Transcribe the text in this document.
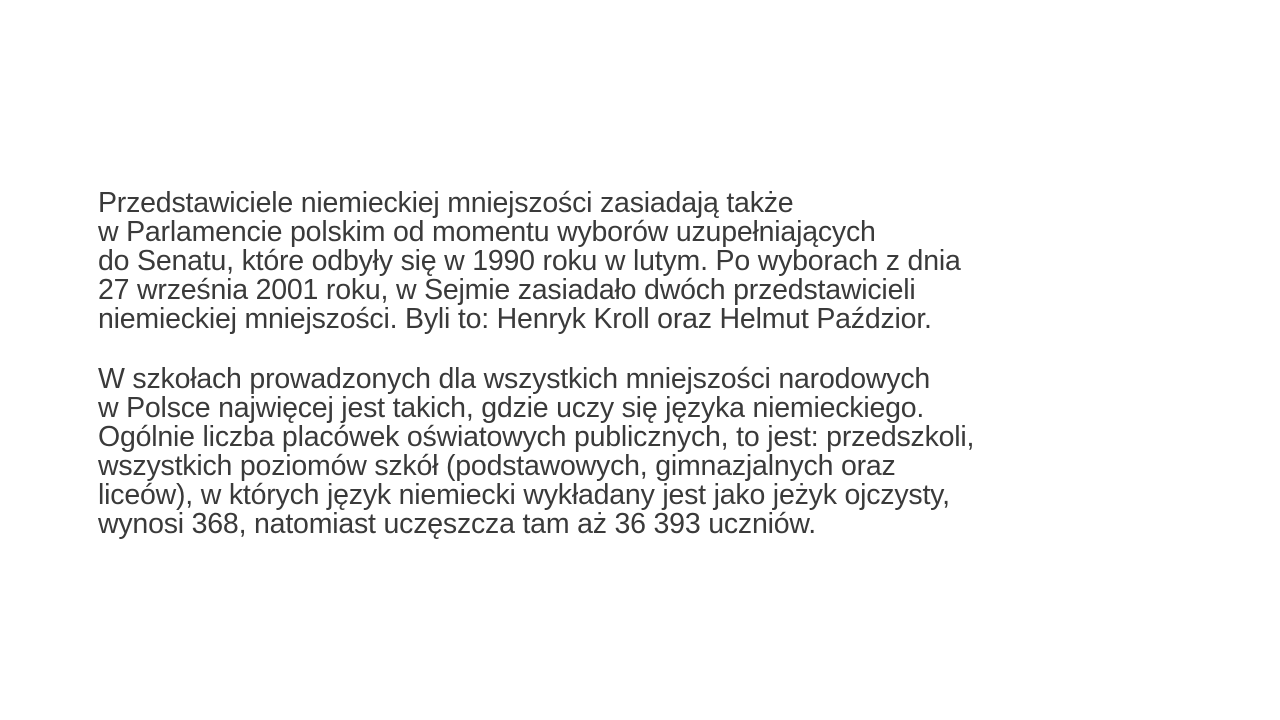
Przedstawiciele niemieckiej mniejszości zasiadają także
w Parlamencie polskim od momentu wyborów uzupełniających
do Senatu, które odbyły się w 1990 roku w lutym. Po wyborach z dnia
27 września 2001 roku, w Sejmie zasiadało dwóch przedstawicieli
niemieckiej mniejszości. Byli to: Henryk Kroll oraz Helmut Paździor.

W szkołach prowadzonych dla wszystkich mniejszości narodowych
w Polsce najwięcej jest takich, gdzie uczy się języka niemieckiego.
Ogólnie liczba placówek oświatowych publicznych, to jest: przedszkoli,
wszystkich poziomów szkół (podstawowych, gimnazjalnych oraz
liceów), w których język niemiecki wykładany jest jako jeżyk ojczysty,
wynosi 368, natomiast uczęszcza tam aż 36 393 uczniów.
